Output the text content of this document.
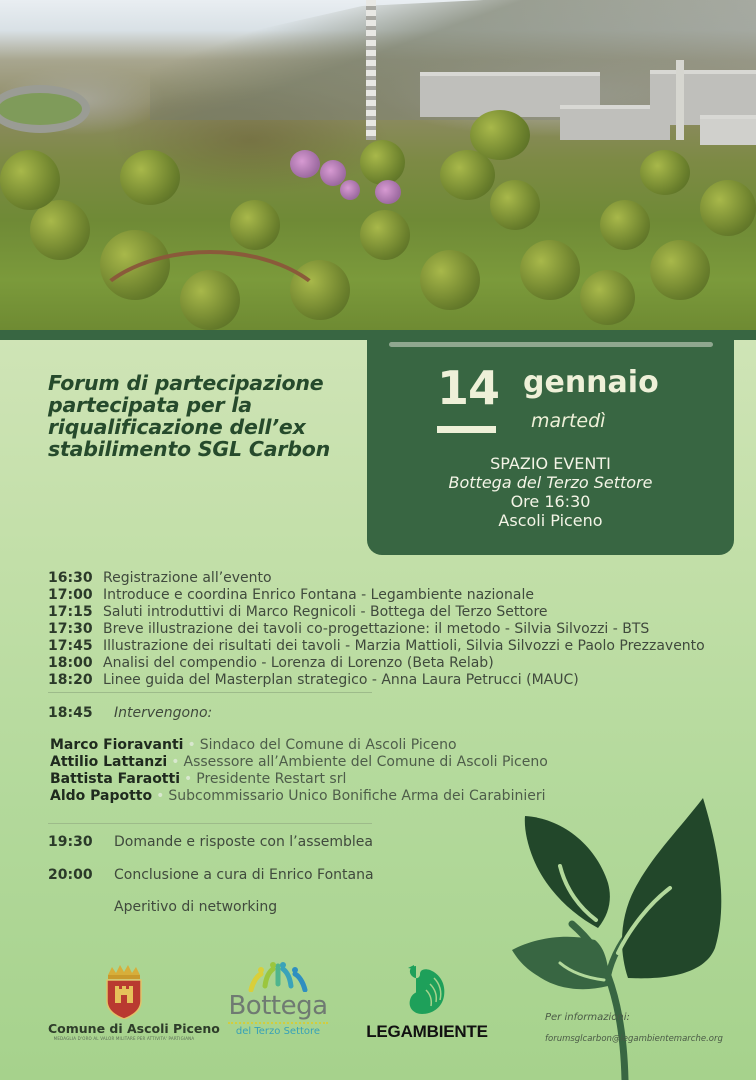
Forum di partecipazione
partecipata per la
riqualificazione dell’ex
stabilimento SGL Carbon
14 gennaio
martedì
SPAZIO EVENTI
Bottega del Terzo Settore
Ore 16:30
Ascoli Piceno
16:30 Registrazione all’evento
17:00 Introduce e coordina Enrico Fontana - Legambiente nazionale
17:15 Saluti introduttivi di Marco Regnicoli - Bottega del Terzo Settore
17:30 Breve illustrazione dei tavoli co-progettazione: il metodo - Silvia Silvozzi - BTS
17:45 Illustrazione dei risultati dei tavoli - Marzia Mattioli, Silvia Silvozzi e Paolo Prezzavento
18:00 Analisi del compendio - Lorenza di Lorenzo (Beta Relab)
18:20 Linee guida del Masterplan strategico - Anna Laura Petrucci (MAUC)
18:45	Intervengono:
Marco Fioravanti • Sindaco del Comune di Ascoli Piceno
Attilio Lattanzi • Assessore all’Ambiente del Comune di Ascoli Piceno
Battista Faraotti • Presidente Restart srl
Aldo Papotto • Subcommissario Unico Bonifiche Arma dei Carabinieri
19:30	Domande e risposte con l’assemblea
20:00	Conclusione a cura di Enrico Fontana
Aperitivo di networking
Comune di Ascoli Piceno
MEDAGLIA D'ORO AL VALOR MILITARE PER ATTIVITA' PARTIGIANA
Bottega
del Terzo Settore	LEGAMBIENTE
Per informazioni:
forumsglcarbon@legambientemarche.org
